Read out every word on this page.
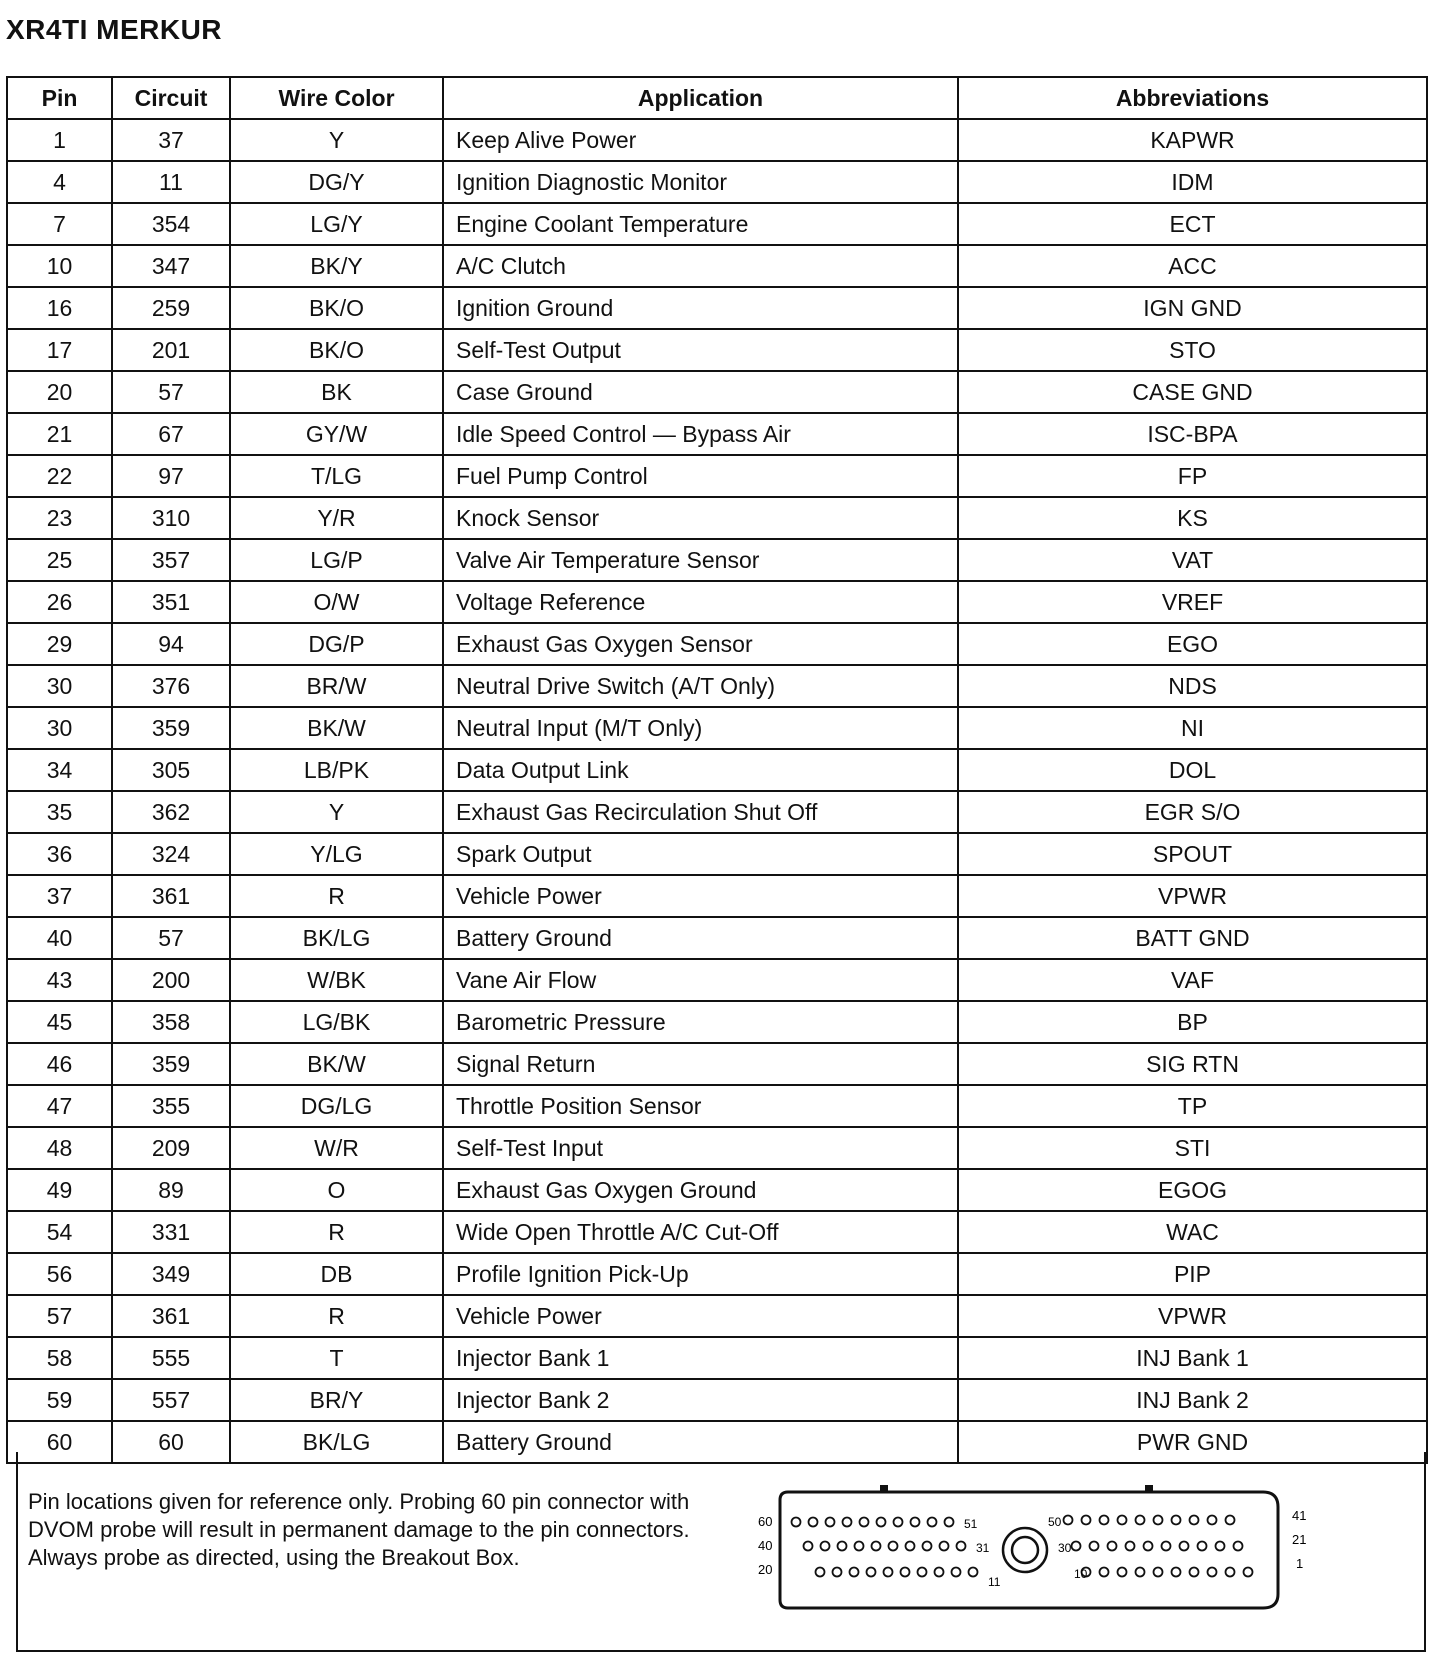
XR4TI MERKUR
Pin	Circuit	Wire Color	Application	Abbreviations
1	37	Y	Keep Alive Power	KAPWR
4	11	DG/Y	Ignition Diagnostic Monitor	IDM
7	354	LG/Y	Engine Coolant Temperature	ECT
10	347	BK/Y	A/C Clutch	ACC
16	259	BK/O	Ignition Ground	IGN GND
17	201	BK/O	Self-Test Output	STO
20	57	BK	Case Ground	CASE GND
21	67	GY/W	Idle Speed Control — Bypass Air	ISC-BPA
22	97	T/LG	Fuel Pump Control	FP
23	310	Y/R	Knock Sensor	KS
25	357	LG/P	Valve Air Temperature Sensor	VAT
26	351	O/W	Voltage Reference	VREF
29	94	DG/P	Exhaust Gas Oxygen Sensor	EGO
30	376	BR/W	Neutral Drive Switch (A/T Only)	NDS
30	359	BK/W	Neutral Input (M/T Only)	NI
34	305	LB/PK	Data Output Link	DOL
35	362	Y	Exhaust Gas Recirculation Shut Off	EGR S/O
36	324	Y/LG	Spark Output	SPOUT
37	361	R	Vehicle Power	VPWR
40	57	BK/LG	Battery Ground	BATT GND
43	200	W/BK	Vane Air Flow	VAF
45	358	LG/BK	Barometric Pressure	BP
46	359	BK/W	Signal Return	SIG RTN
47	355	DG/LG	Throttle Position Sensor	TP
48	209	W/R	Self-Test Input	STI
49	89	O	Exhaust Gas Oxygen Ground	EGOG
54	331	R	Wide Open Throttle A/C Cut-Off	WAC
56	349	DB	Profile Ignition Pick-Up	PIP
57	361	R	Vehicle Power	VPWR
58	555	T	Injector Bank 1	INJ Bank 1
59	557	BR/Y	Injector Bank 2	INJ Bank 2
60	60	BK/LG	Battery Ground	PWR GND
Pin locations given for reference only. Probing 60 pin connector with DVOM probe will result in permanent damage to the pin connectors. Always probe as directed, using the Breakout Box.
60
40
20
41
21
1
51	50
31	30
11
10
